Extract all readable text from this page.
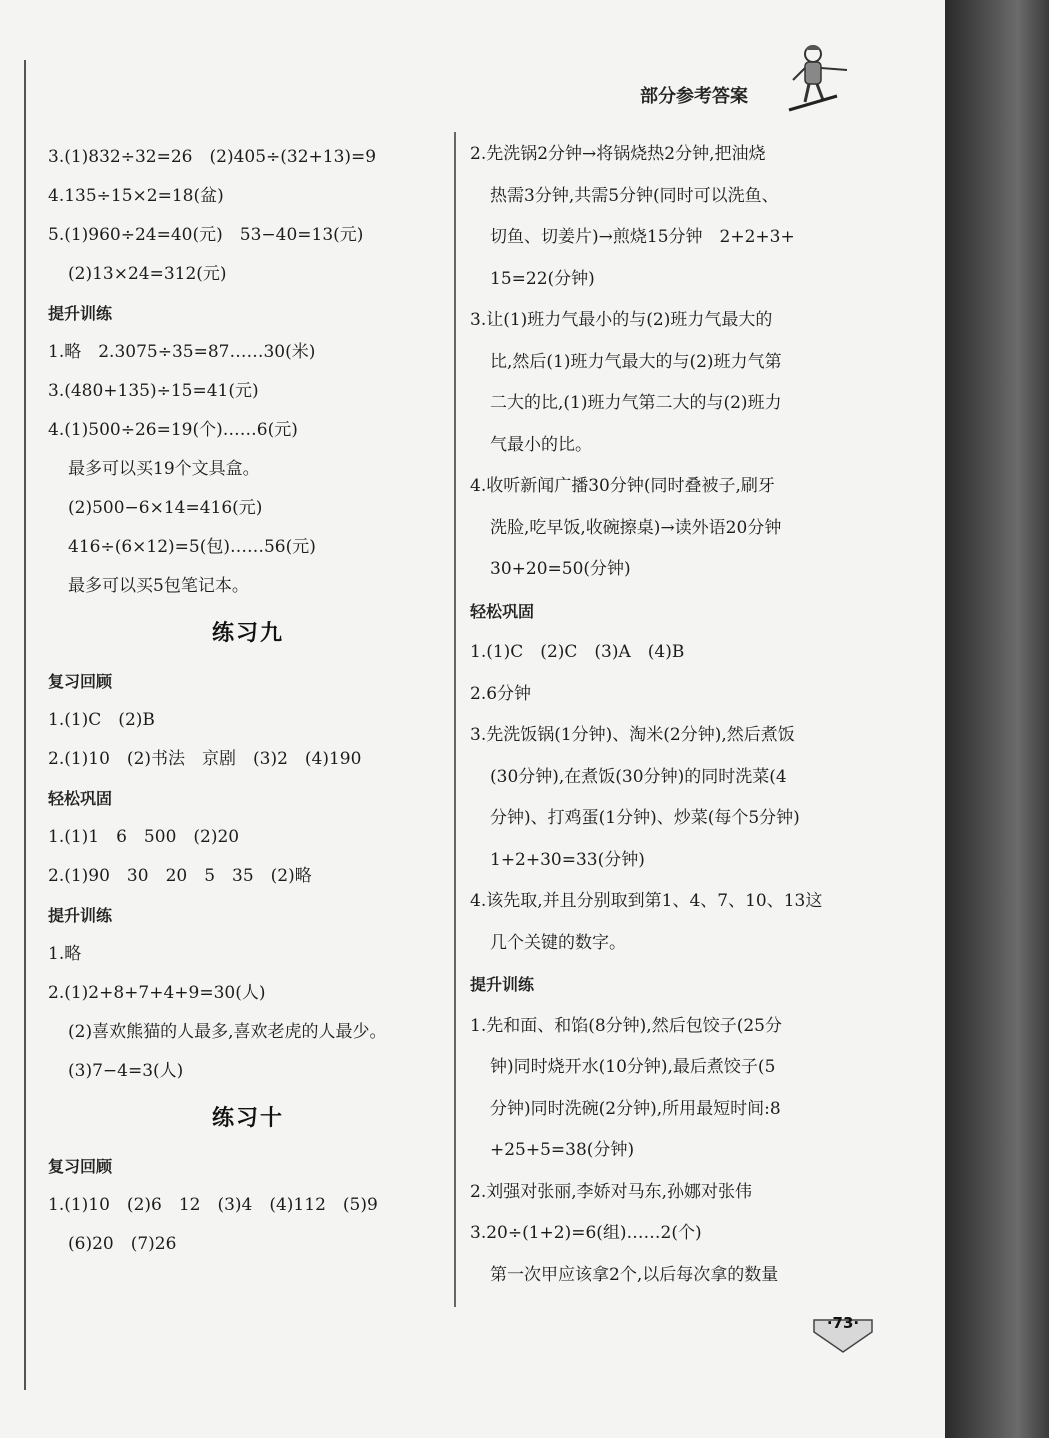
部分参考答案
3.(1)832÷32=26　(2)405÷(32+13)=9
4.135÷15×2=18(盆)
5.(1)960÷24=40(元)　53−40=13(元)
(2)13×24=312(元)
提升训练
1.略　2.3075÷35=87……30(米)
3.(480+135)÷15=41(元)
4.(1)500÷26=19(个)……6(元)
最多可以买19个文具盒。
(2)500−6×14=416(元)
416÷(6×12)=5(包)……56(元)
最多可以买5包笔记本。
练习九
复习回顾
1.(1)C　(2)B
2.(1)10　(2)书法　京剧　(3)2　(4)190
轻松巩固
1.(1)1　6　500　(2)20
2.(1)90　30　20　5　35　(2)略
提升训练
1.略
2.(1)2+8+7+4+9=30(人)
(2)喜欢熊猫的人最多,喜欢老虎的人最少。
(3)7−4=3(人)
练习十
复习回顾
1.(1)10　(2)6　12　(3)4　(4)112　(5)9
(6)20　(7)26
2.先洗锅2分钟→将锅烧热2分钟,把油烧
热需3分钟,共需5分钟(同时可以洗鱼、
切鱼、切姜片)→煎烧15分钟　2+2+3+
15=22(分钟)
3.让(1)班力气最小的与(2)班力气最大的
比,然后(1)班力气最大的与(2)班力气第
二大的比,(1)班力气第二大的与(2)班力
气最小的比。
4.收听新闻广播30分钟(同时叠被子,刷牙
洗脸,吃早饭,收碗擦桌)→读外语20分钟
30+20=50(分钟)
轻松巩固
1.(1)C　(2)C　(3)A　(4)B
2.6分钟
3.先洗饭锅(1分钟)、淘米(2分钟),然后煮饭
(30分钟),在煮饭(30分钟)的同时洗菜(4
分钟)、打鸡蛋(1分钟)、炒菜(每个5分钟)
1+2+30=33(分钟)
4.该先取,并且分别取到第1、4、7、10、13这
几个关键的数字。
提升训练
1.先和面、和馅(8分钟),然后包饺子(25分
钟)同时烧开水(10分钟),最后煮饺子(5
分钟)同时洗碗(2分钟),所用最短时间:8
+25+5=38(分钟)
2.刘强对张丽,李娇对马东,孙娜对张伟
3.20÷(1+2)=6(组)……2(个)
第一次甲应该拿2个,以后每次拿的数量
·73·
